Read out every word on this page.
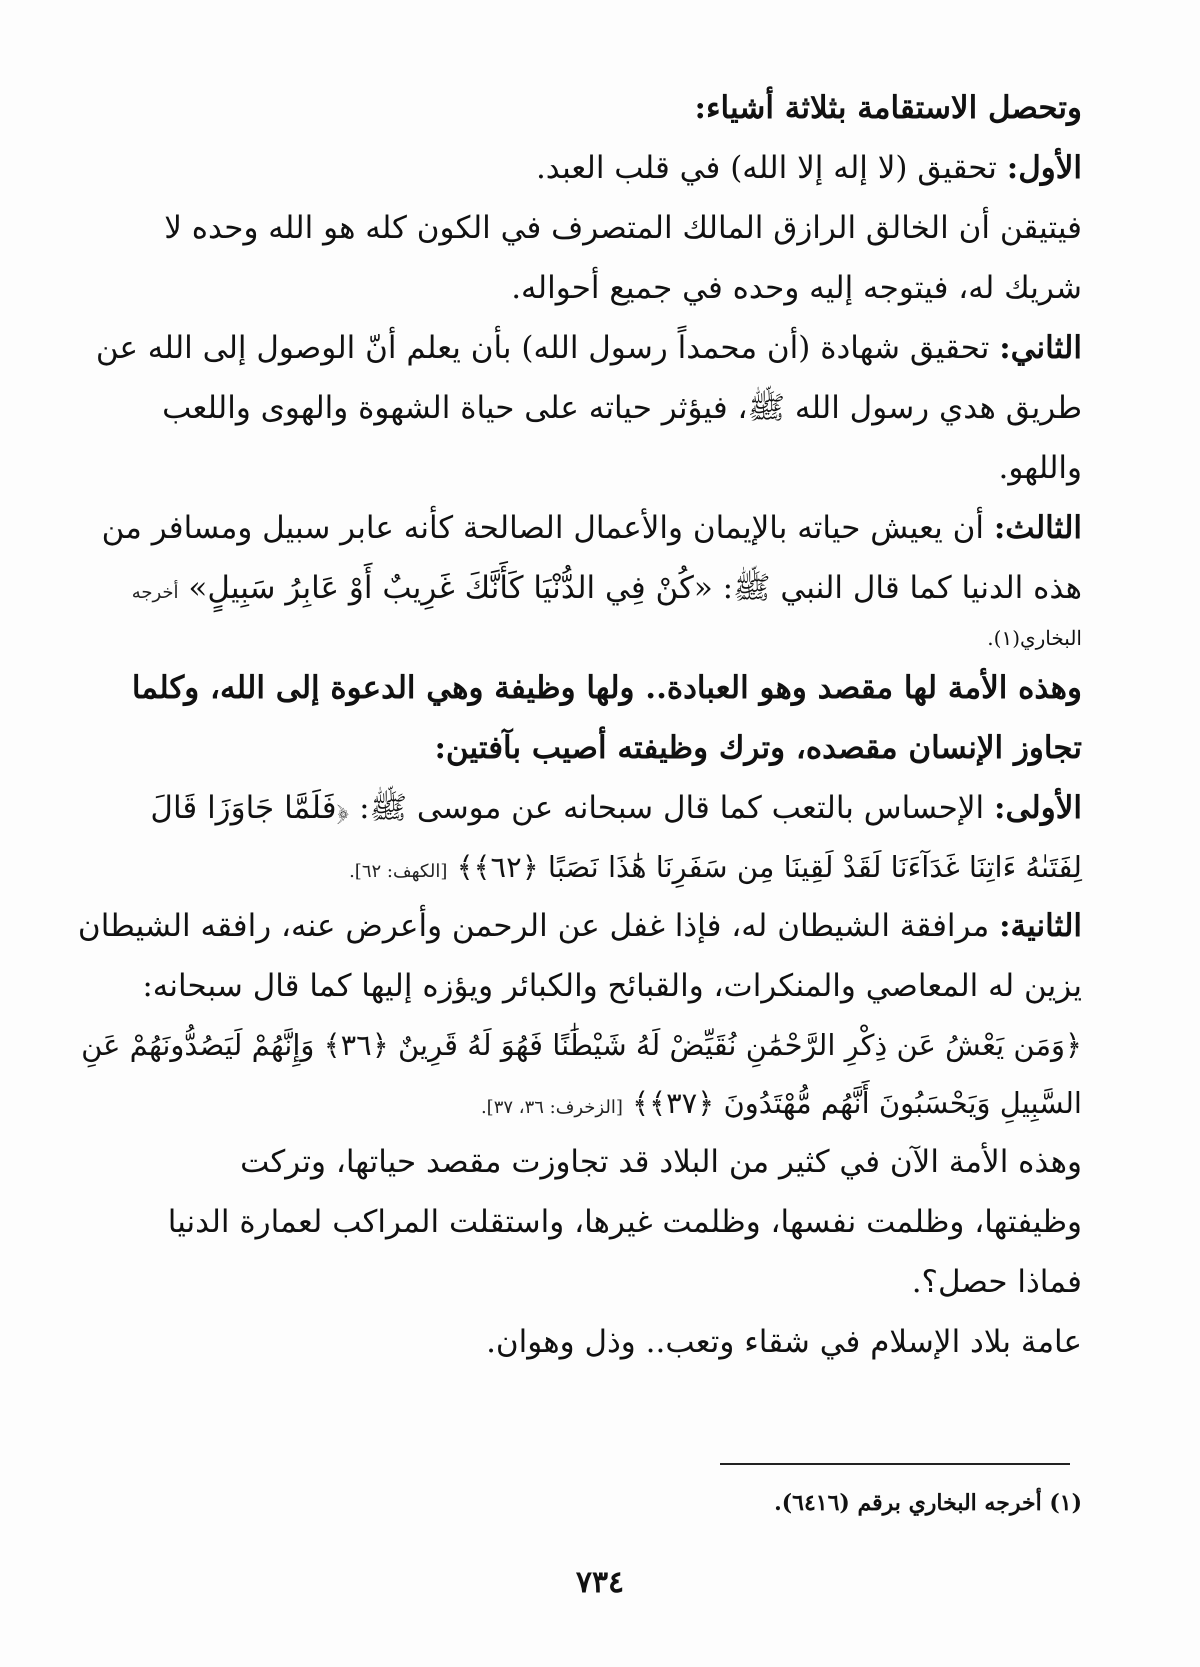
وتحصل الاستقامة بثلاثة أشياء:
الأول: تحقيق (لا إله إلا الله) في قلب العبد.
فيتيقن أن الخالق الرازق المالك المتصرف في الكون كله هو الله وحده لا
شريك له، فيتوجه إليه وحده في جميع أحواله.
الثاني: تحقيق شهادة (أن محمداً رسول الله) بأن يعلم أنّ الوصول إلى الله عن
طريق هدي رسول الله ﷺ، فيؤثر حياته على حياة الشهوة والهوى واللعب
واللهو.
الثالث: أن يعيش حياته بالإيمان والأعمال الصالحة كأنه عابر سبيل ومسافر من
هذه الدنيا كما قال النبي ﷺ: «كُنْ فِي الدُّنْيَا كَأَنَّكَ غَرِيبٌ أَوْ عَابِرُ سَبِيلٍ» أخرجه
البخاري(١).
وهذه الأمة لها مقصد وهو العبادة.. ولها وظيفة وهي الدعوة إلى الله، وكلما
تجاوز الإنسان مقصده، وترك وظيفته أصيب بآفتين:
الأولى: الإحساس بالتعب كما قال سبحانه عن موسى ﷺ: ﴿فَلَمَّا جَاوَزَا قَالَ
لِفَتَىٰهُ ءَاتِنَا غَدَآءَنَا لَقَدْ لَقِينَا مِن سَفَرِنَا هَٰذَا نَصَبًا ﴿٦٢﴾﴾ [الكهف: ٦٢].
الثانية: مرافقة الشيطان له، فإذا غفل عن الرحمن وأعرض عنه، رافقه الشيطان
يزين له المعاصي والمنكرات، والقبائح والكبائر ويؤزه إليها كما قال سبحانه:
﴿وَمَن يَعْشُ عَن ذِكْرِ الرَّحْمَٰنِ نُقَيِّضْ لَهُ شَيْطَٰنًا فَهُوَ لَهُ قَرِينٌ ﴿٣٦﴾ وَإِنَّهُمْ لَيَصُدُّونَهُمْ عَنِ
السَّبِيلِ وَيَحْسَبُونَ أَنَّهُم مُّهْتَدُونَ ﴿٣٧﴾﴾ [الزخرف: ٣٦، ٣٧].
وهذه الأمة الآن في كثير من البلاد قد تجاوزت مقصد حياتها، وتركت
وظيفتها، وظلمت نفسها، وظلمت غيرها، واستقلت المراكب لعمارة الدنيا
فماذا حصل؟.
عامة بلاد الإسلام في شقاء وتعب.. وذل وهوان.
(١) أخرجه البخاري برقم (٦٤١٦).
٧٣٤
